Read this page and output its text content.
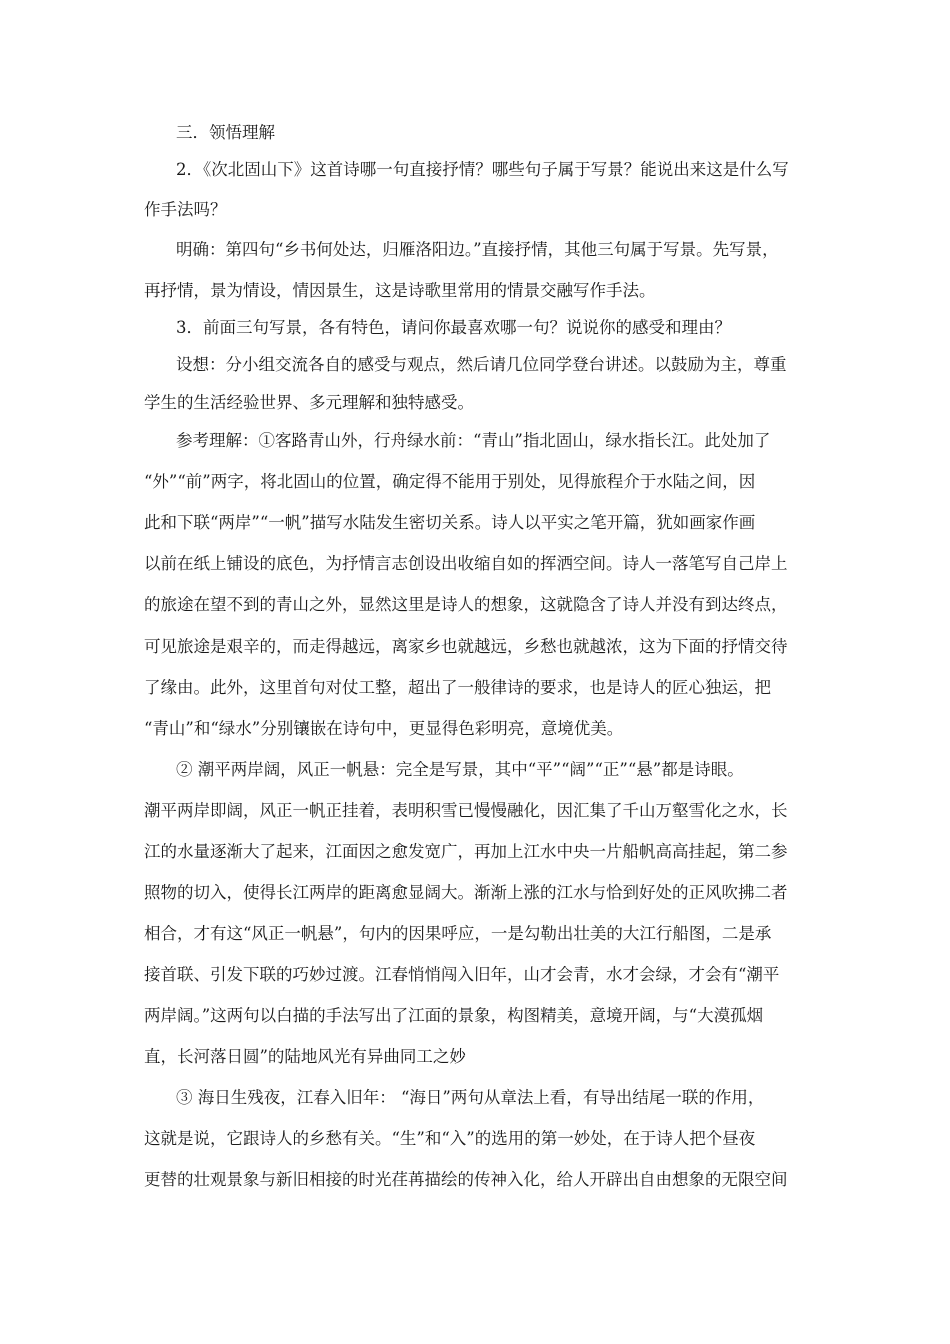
三．领悟理解
2．《次北固山下》这首诗哪一句直接抒情？哪些句子属于写景？能说出来这是什么写
作手法吗？
明确：第四句“乡书何处达，归雁洛阳边。”直接抒情，其他三句属于写景。先写景，
再抒情，景为情设，情因景生，这是诗歌里常用的情景交融写作手法。
3．前面三句写景，各有特色，请问你最喜欢哪一句？说说你的感受和理由？
设想：分小组交流各自的感受与观点，然后请几位同学登台讲述。以鼓励为主，尊重
学生的生活经验世界、多元理解和独特感受。
参考理解：①客路青山外，行舟绿水前：“青山”指北固山，绿水指长江。此处加了
“外”“前”两字，将北固山的位置，确定得不能用于别处，见得旅程介于水陆之间，因
此和下联“两岸”“一帆”描写水陆发生密切关系。诗人以平实之笔开篇，犹如画家作画
以前在纸上铺设的底色，为抒情言志创设出收缩自如的挥洒空间。诗人一落笔写自己岸上
的旅途在望不到的青山之外，显然这里是诗人的想象，这就隐含了诗人并没有到达终点，
可见旅途是艰辛的，而走得越远，离家乡也就越远，乡愁也就越浓，这为下面的抒情交待
了缘由。此外，这里首句对仗工整，超出了一般律诗的要求，也是诗人的匠心独运，把
“青山”和“绿水”分别镶嵌在诗句中，更显得色彩明亮，意境优美。
② 潮平两岸阔，风正一帆悬：完全是写景，其中“平”“阔”“正”“悬”都是诗眼。
潮平两岸即阔，风正一帆正挂着，表明积雪已慢慢融化，因汇集了千山万壑雪化之水，长
江的水量逐渐大了起来，江面因之愈发宽广，再加上江水中央一片船帆高高挂起，第二参
照物的切入，使得长江两岸的距离愈显阔大。渐渐上涨的江水与恰到好处的正风吹拂二者
相合，才有这“风正一帆悬”，句内的因果呼应，一是勾勒出壮美的大江行船图，二是承
接首联、引发下联的巧妙过渡。江春悄悄闯入旧年，山才会青，水才会绿，才会有“潮平
两岸阔。”这两句以白描的手法写出了江面的景象，构图精美，意境开阔，与“大漠孤烟
直，长河落日圆”的陆地风光有异曲同工之妙
③ 海日生残夜，江春入旧年： “海日”两句从章法上看，有导出结尾一联的作用，
这就是说，它跟诗人的乡愁有关。“生”和“入”的选用的第一妙处，在于诗人把个昼夜
更替的壮观景象与新旧相接的时光荏苒描绘的传神入化，给人开辟出自由想象的无限空间
